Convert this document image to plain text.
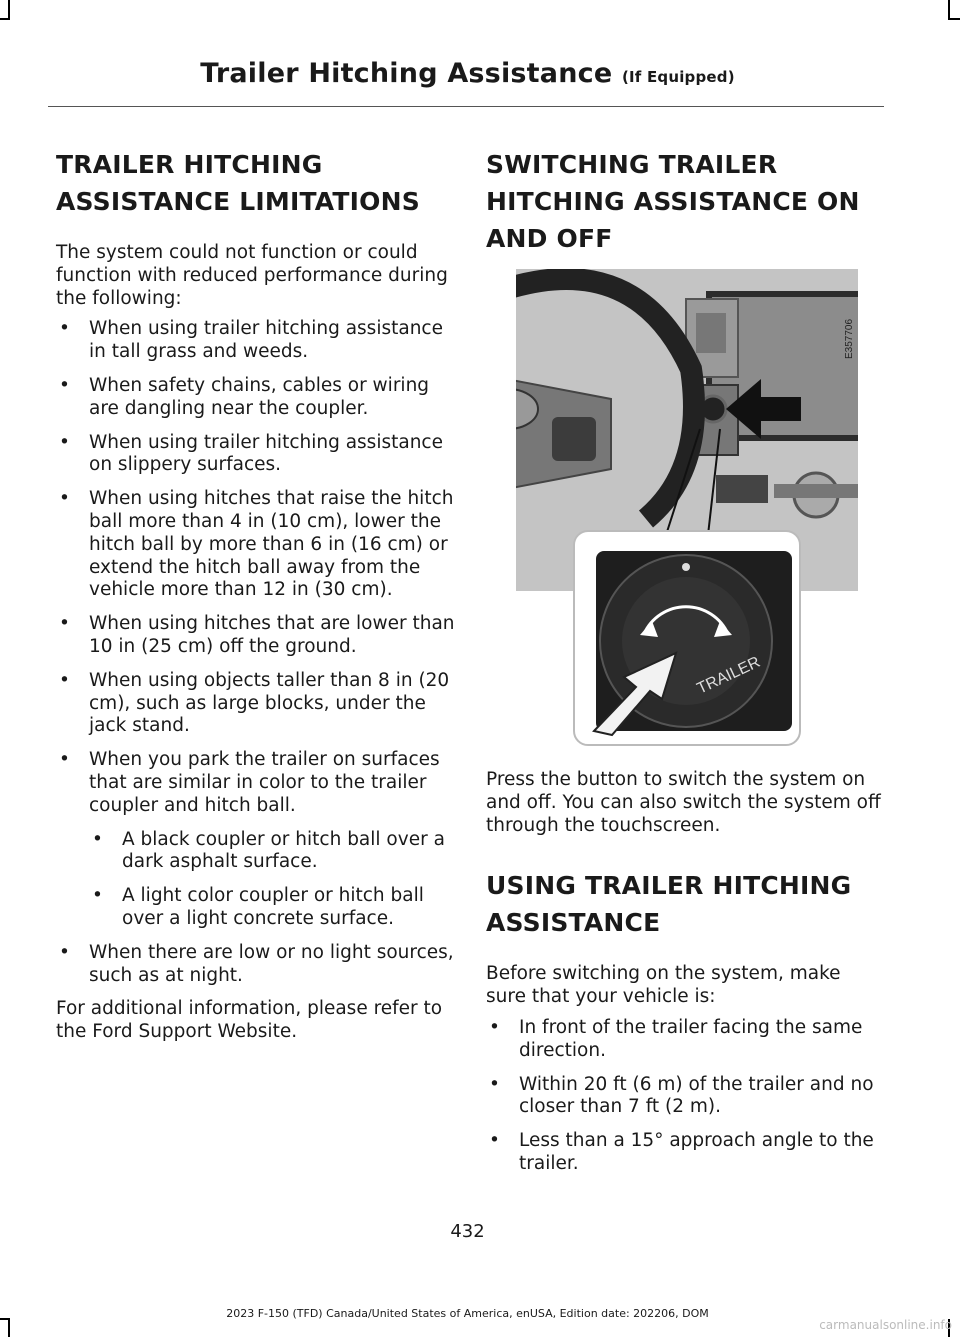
Trailer Hitching Assistance (If Equipped)
TRAILER HITCHING
ASSISTANCE LIMITATIONS

The system could not function or could function with reduced performance during the following:

• When using trailer hitching assistance in tall grass and weeds.
• When safety chains, cables or wiring are dangling near the coupler.
• When using trailer hitching assistance on slippery surfaces.
• When using hitches that raise the hitch ball more than 4 in (10 cm), lower the hitch ball by more than 6 in (16 cm) or extend the hitch ball away from the vehicle more than 12 in (30 cm).
• When using hitches that are lower than 10 in (25 cm) off the ground.
• When using objects taller than 8 in (20 cm), such as large blocks, under the jack stand.
• When you park the trailer on surfaces that are similar in color to the trailer coupler and hitch ball.
• A black coupler or hitch ball over a dark asphalt surface.
• A light color coupler or hitch ball over a light concrete surface.
• When there are low or no light sources, such as at night.

For additional information, please refer to the Ford Support Website.

SWITCHING TRAILER
HITCHING ASSISTANCE ON
AND OFF
TRAILER
E357706

Press the button to switch the system on and off. You can also switch the system off through the touchscreen.

USING TRAILER HITCHING
ASSISTANCE

Before switching on the system, make sure that your vehicle is:

• In front of the trailer facing the same direction.
• Within 20 ft (6 m) of the trailer and no closer than 7 ft (2 m).
• Less than a 15° approach angle to the trailer.
432
2023 F-150 (TFD) Canada/United States of America, enUSA, Edition date: 202206, DOM
carmanualsonline.info
